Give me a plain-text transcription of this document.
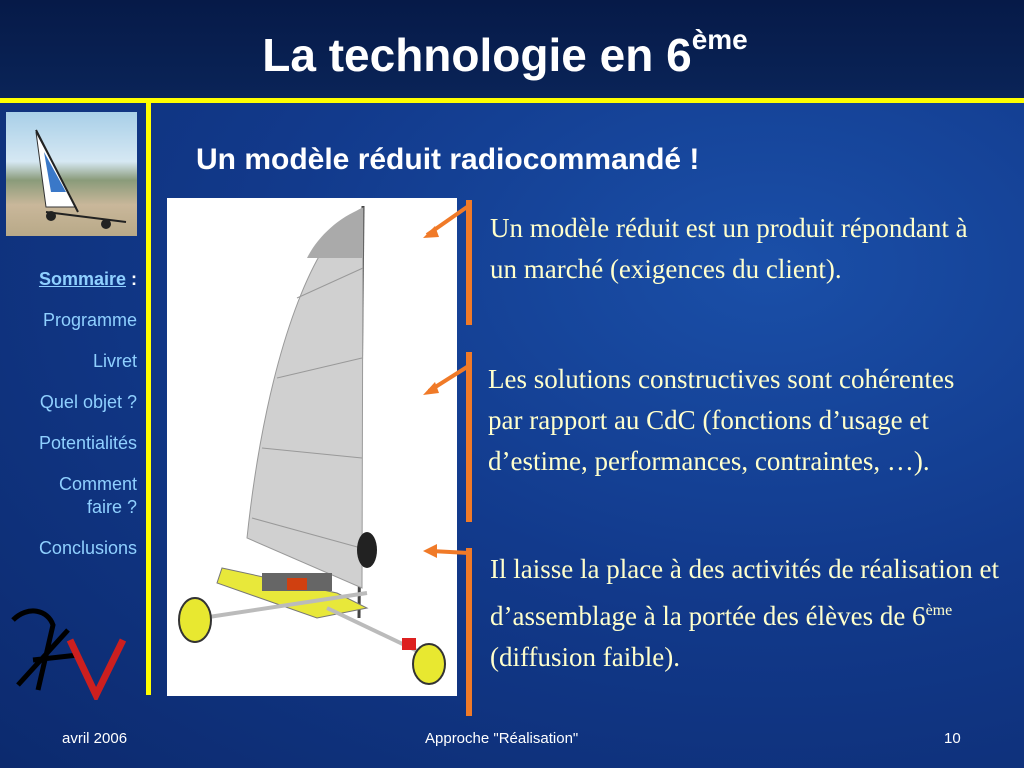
La technologie en 6ème
Sommaire :
Programme
Livret
Quel objet ?
Potentialités
Comment faire ?
Conclusions
Un modèle réduit radiocommandé !
Un modèle réduit est un produit répondant à un marché (exigences du client).
Les solutions constructives sont cohérentes par rapport au CdC (fonctions d’usage et d’estime, performances, contraintes, …).
Il laisse la place à des activités de réalisation et d’assemblage à la portée des élèves de 6ème (diffusion faible).
avril 2006	Approche "Réalisation"	10
